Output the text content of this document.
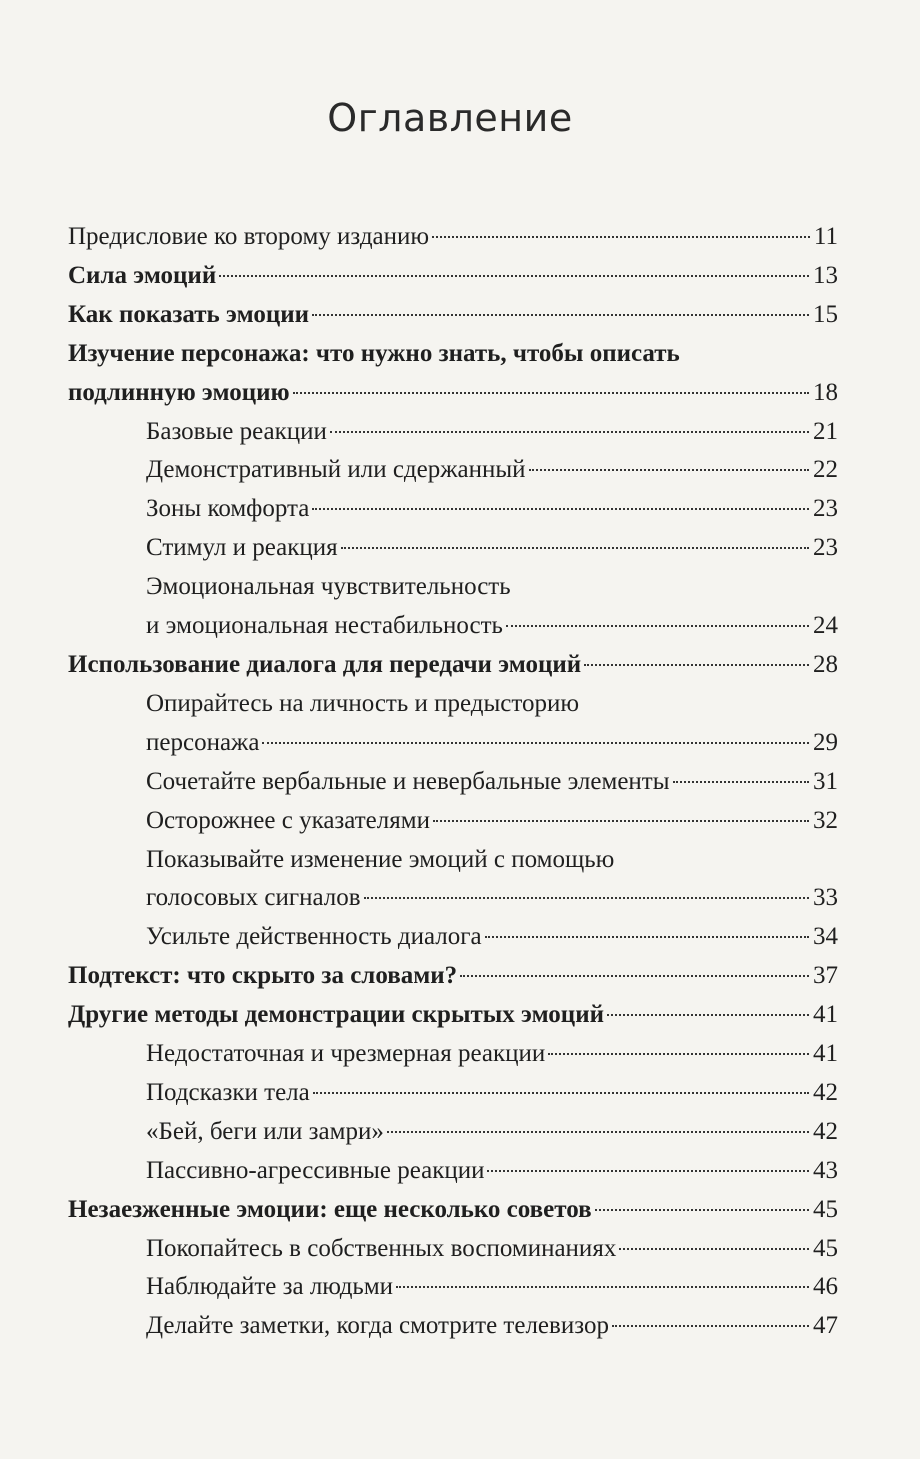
Оглавление
Предисловие ко второму изданию	11
Сила эмоций	13
Как показать эмоции	15
Изучение персонажа: что нужно знать, чтобы описать
подлинную эмоцию	18
Базовые реакции	21
Демонстративный или сдержанный	22
Зоны комфорта	23
Стимул и реакция	23
Эмоциональная чувствительность
и эмоциональная нестабильность	24
Использование диалога для передачи эмоций	28
Опирайтесь на личность и предысторию
персонажа	29
Сочетайте вербальные и невербальные элементы	31
Осторожнее с указателями	32
Показывайте изменение эмоций с помощью
голосовых сигналов	33
Усильте действенность диалога	34
Подтекст: что скрыто за словами?	37
Другие методы демонстрации скрытых эмоций	41
Недостаточная и чрезмерная реакции	41
Подсказки тела	42
«Бей, беги или замри»	42
Пассивно-агрессивные реакции	43
Незаезженные эмоции: еще несколько советов	45
Покопайтесь в собственных воспоминаниях	45
Наблюдайте за людьми	46
Делайте заметки, когда смотрите телевизор	47
